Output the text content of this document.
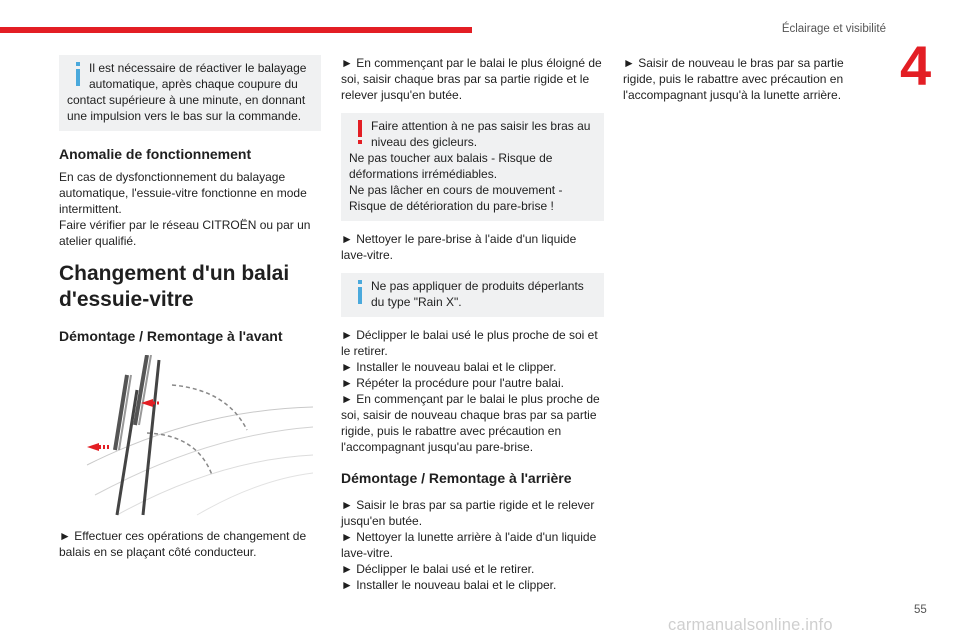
Éclairage et visibilité
4
Il est nécessaire de réactiver le balayage automatique, après chaque coupure du

contact supérieure à une minute, en donnant une impulsion vers le bas sur la commande.

Anomalie de fonctionnement

En cas de dysfonctionnement du balayage automatique, l'essuie-vitre fonctionne en mode intermittent.

Faire vérifier par le réseau CITROËN ou par un atelier qualifié.

Changement d'un balai d'essuie-vitre
Démontage / Remontage à l'avant

► Effectuer ces opérations de changement de balais en se plaçant côté conducteur.

► En commençant par le balai le plus éloigné de soi, saisir chaque bras par sa partie rigide et le relever jusqu'en butée.

Faire attention à ne pas saisir les bras au niveau des gicleurs.

Ne pas toucher aux balais - Risque de déformations irrémédiables.

Ne pas lâcher en cours de mouvement - Risque de détérioration du pare-brise !

► Nettoyer le pare-brise à l'aide d'un liquide lave-vitre.

Ne pas appliquer de produits déperlants du type "Rain X".

► Déclipper le balai usé le plus proche de soi et le retirer.

► Installer le nouveau balai et le clipper.

► Répéter la procédure pour l'autre balai.

► En commençant par le balai le plus proche de soi, saisir de nouveau chaque bras par sa partie rigide, puis le rabattre avec précaution en l'accompagnant jusqu'au pare-brise.

Démontage / Remontage à l'arrière

► Saisir le bras par sa partie rigide et le relever jusqu'en butée.

► Nettoyer la lunette arrière à l'aide d'un liquide lave-vitre.

► Déclipper le balai usé et le retirer.

► Installer le nouveau balai et le clipper.

► Saisir de nouveau le bras par sa partie rigide, puis le rabattre avec précaution en l'accompagnant jusqu'à la lunette arrière.

55
carmanualsonline.info
